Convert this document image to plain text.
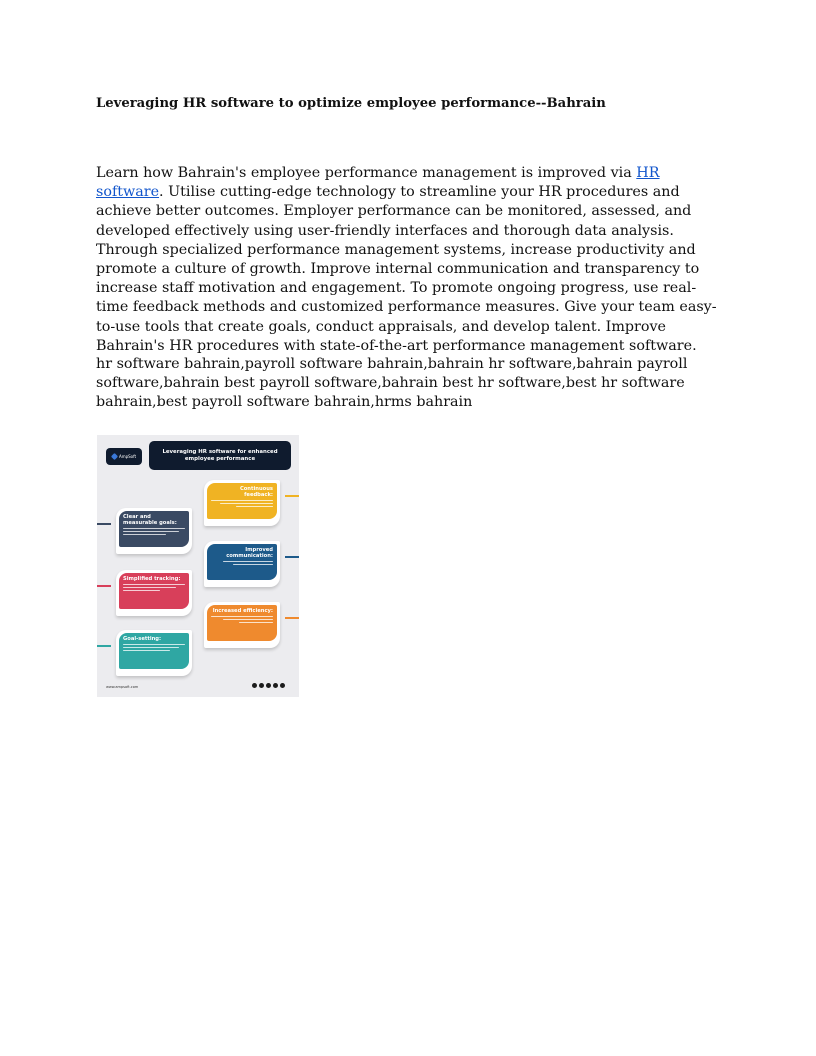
Leveraging HR software to optimize employee performance--Bahrain

Learn how Bahrain's employee performance management is improved via HR software. Utilise cutting-edge technology to streamline your HR procedures and achieve better outcomes. Employer performance can be monitored, assessed, and developed effectively using user-friendly interfaces and thorough data analysis. Through specialized performance management systems, increase productivity and promote a culture of growth. Improve internal communication and transparency to increase staff motivation and engagement. To promote ongoing progress, use real-time feedback methods and customized performance measures. Give your team easy-to-use tools that create goals, conduct appraisals, and develop talent. Improve Bahrain's HR procedures with state-of-the-art performance management software.

hr software bahrain,payroll software bahrain,bahrain hr software,bahrain payroll software,bahrain best payroll software,bahrain best hr software,best hr software bahrain,best payroll software bahrain,hrms bahrain

AmpSoft
Leveraging HR software for enhanced employee performance
Continuous feedback:
Clear and measurable goals:
Improved communication:
Simplified tracking:
Increased efficiency:
Goal-setting:
www.ampsoft.com
